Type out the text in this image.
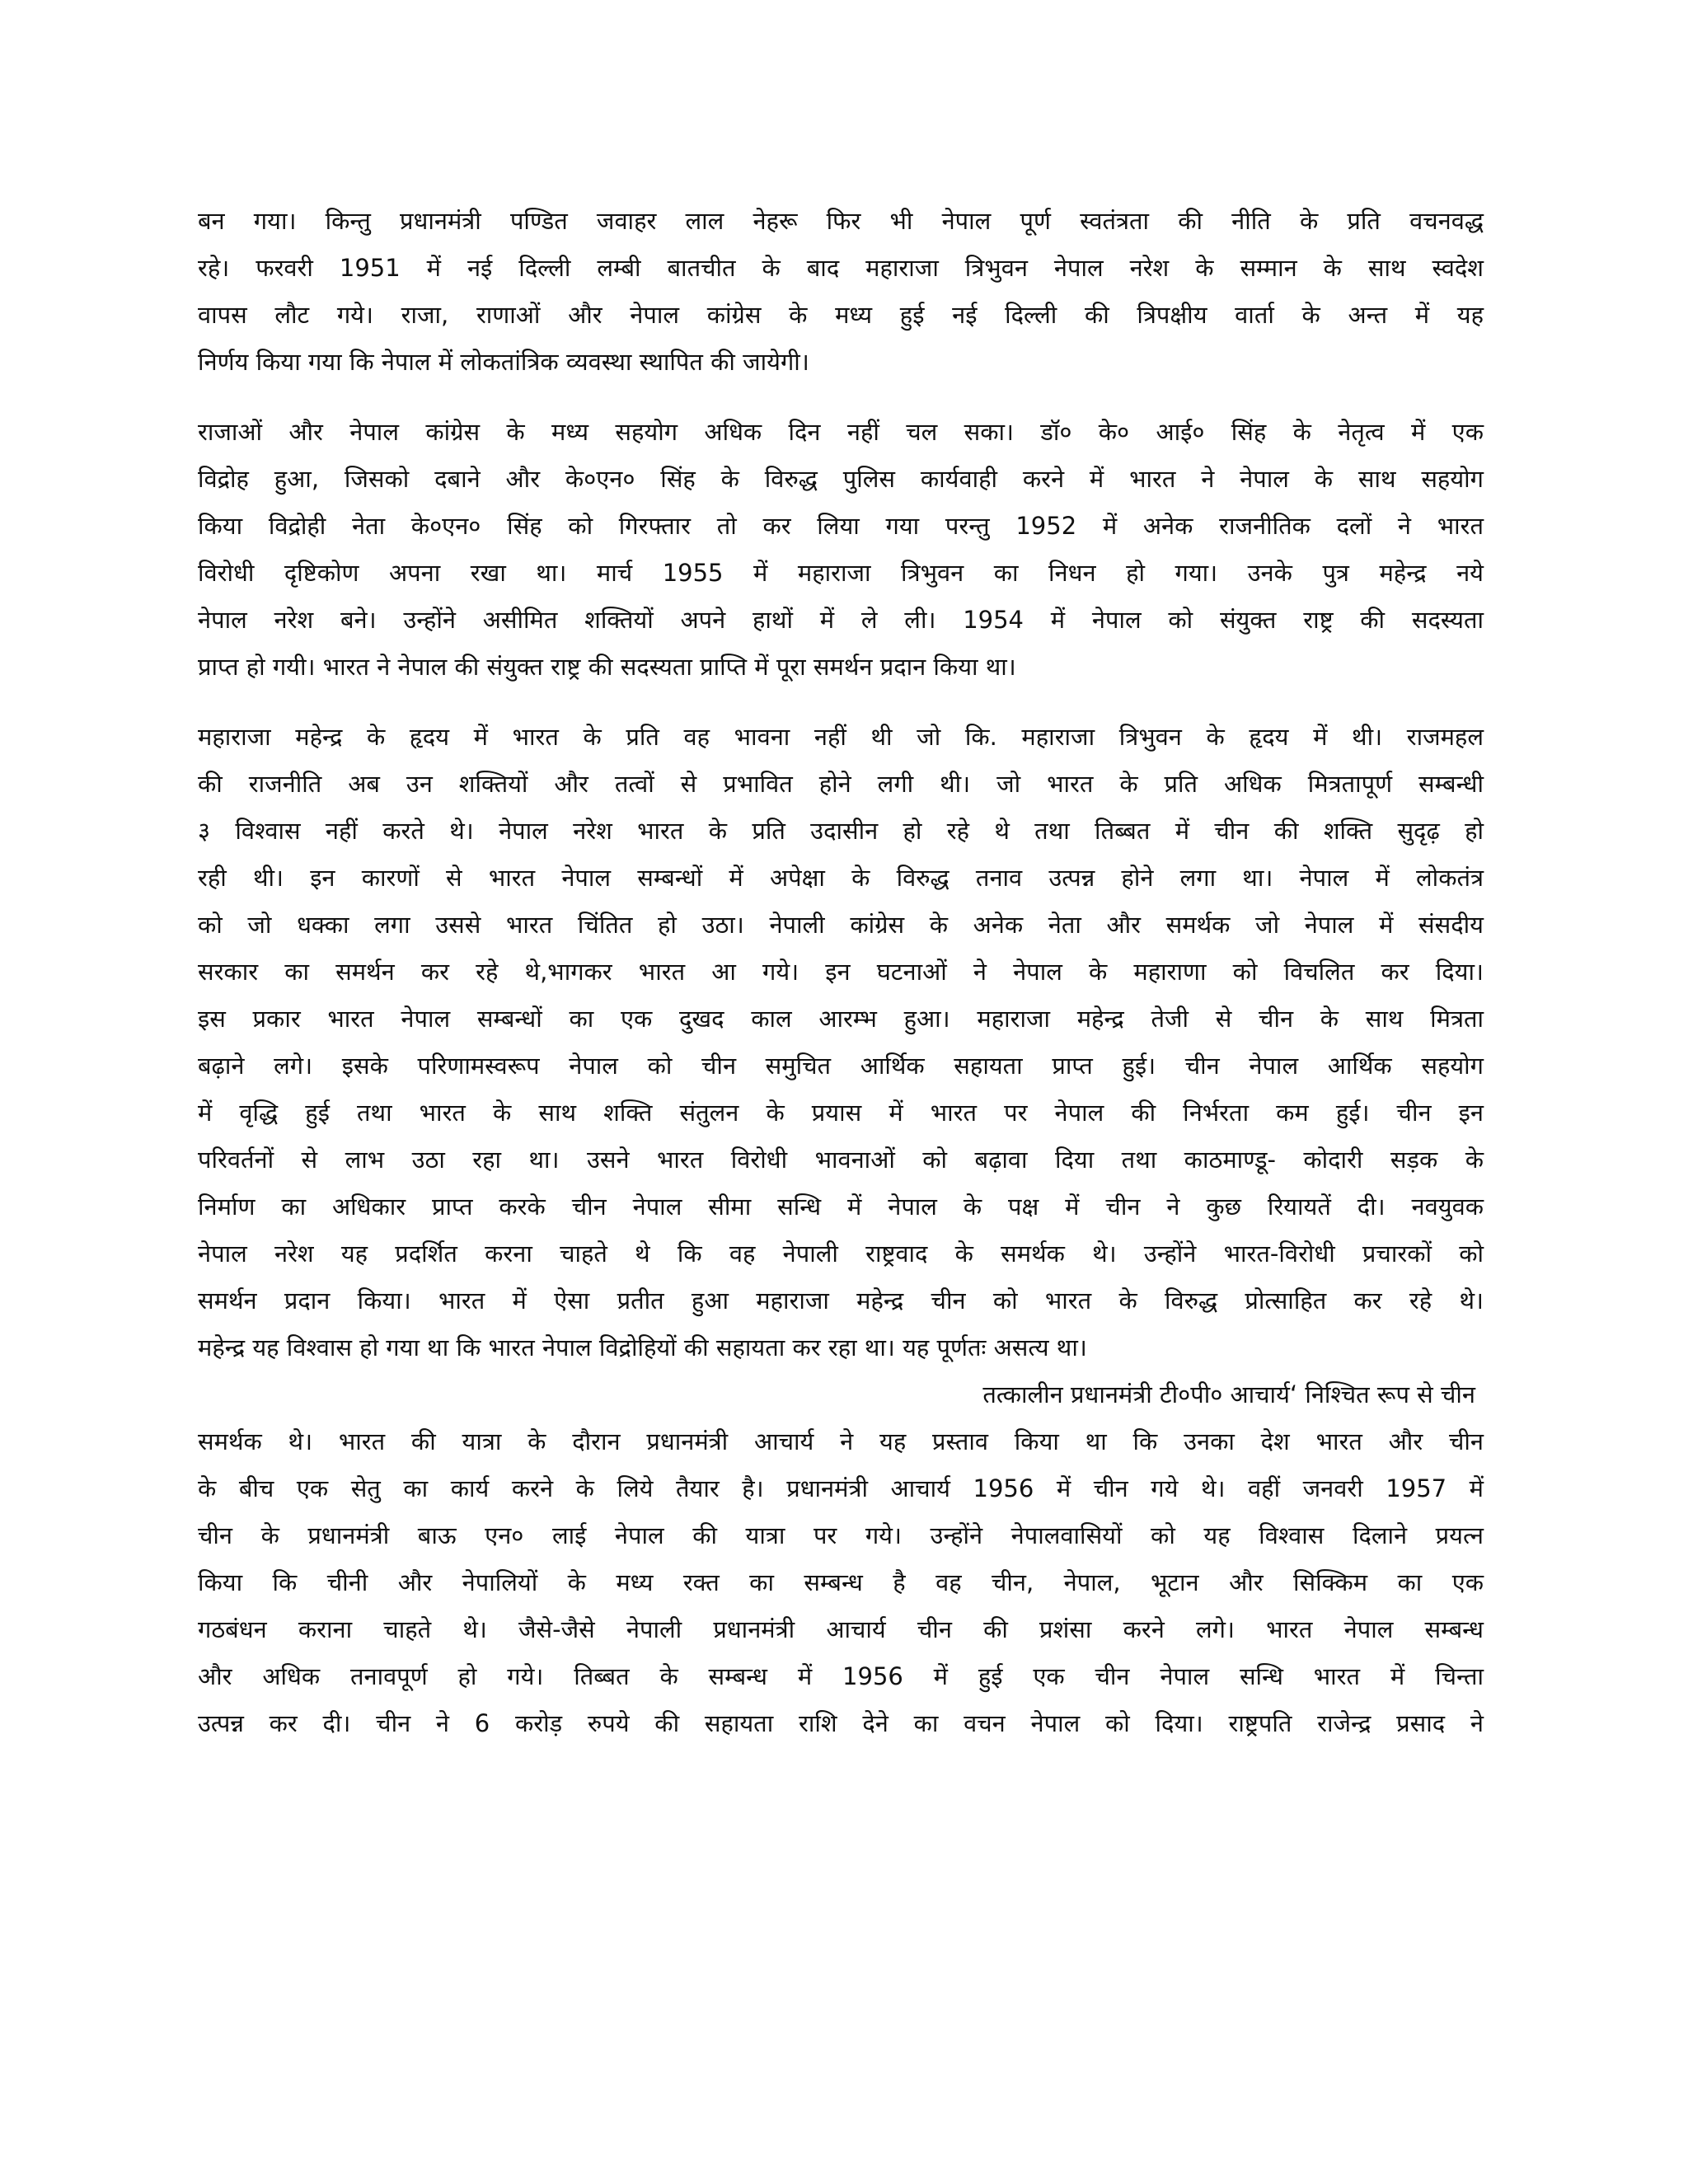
बन गया। किन्तु प्रधानमंत्री पण्डित जवाहर लाल नेहरू फिर भी नेपाल पूर्ण स्वतंत्रता की नीति के प्रति वचनवद्ध
रहे। फरवरी 1951 में नई दिल्ली लम्बी बातचीत के बाद महाराजा त्रिभुवन नेपाल नरेश के सम्मान के साथ स्वदेश
वापस लौट गये। राजा, राणाओं और नेपाल कांग्रेस के मध्य हुई नई दिल्ली की त्रिपक्षीय वार्ता के अन्त में यह
निर्णय किया गया कि नेपाल में लोकतांत्रिक व्यवस्था स्थापित की जायेगी।
राजाओं और नेपाल कांग्रेस के मध्य सहयोग अधिक दिन नहीं चल सका। डॉ० के० आई० सिंह के नेतृत्व में एक
विद्रोह हुआ, जिसको दबाने और के०एन० सिंह के विरुद्ध पुलिस कार्यवाही करने में भारत ने नेपाल के साथ सहयोग
किया विद्रोही नेता के०एन० सिंह को गिरफ्तार तो कर लिया गया परन्तु 1952 में अनेक राजनीतिक दलों ने भारत
विरोधी दृष्टिकोण अपना रखा था। मार्च 1955 में महाराजा त्रिभुवन का निधन हो गया। उनके पुत्र महेन्द्र नये
नेपाल नरेश बने। उन्होंने असीमित शक्तियों अपने हाथों में ले ली। 1954 में नेपाल को संयुक्त राष्ट्र की सदस्यता
प्राप्त हो गयी। भारत ने नेपाल की संयुक्त राष्ट्र की सदस्यता प्राप्ति में पूरा समर्थन प्रदान किया था।
महाराजा महेन्द्र के हृदय में भारत के प्रति वह भावना नहीं थी जो कि. महाराजा त्रिभुवन के हृदय में थी। राजमहल
की राजनीति अब उन शक्तियों और तत्वों से प्रभावित होने लगी थी। जो भारत के प्रति अधिक मित्रतापूर्ण सम्बन्धी
३ विश्वास नहीं करते थे। नेपाल नरेश भारत के प्रति उदासीन हो रहे थे तथा तिब्बत में चीन की शक्ति सुदृढ़ हो
रही थी। इन कारणों से भारत नेपाल सम्बन्धों में अपेक्षा के विरुद्ध तनाव उत्पन्न होने लगा था। नेपाल में लोकतंत्र
को जो धक्का लगा उससे भारत चिंतित हो उठा। नेपाली कांग्रेस के अनेक नेता और समर्थक जो नेपाल में संसदीय
सरकार का समर्थन कर रहे थे,भागकर भारत आ गये। इन घटनाओं ने नेपाल के महाराणा को विचलित कर दिया।
इस प्रकार भारत नेपाल सम्बन्धों का एक दुखद काल आरम्भ हुआ। महाराजा महेन्द्र तेजी से चीन के साथ मित्रता
बढ़ाने लगे। इसके परिणामस्वरूप नेपाल को चीन समुचित आर्थिक सहायता प्राप्त हुई। चीन नेपाल आर्थिक सहयोग
में वृद्धि हुई तथा भारत के साथ शक्ति संतुलन के प्रयास में भारत पर नेपाल की निर्भरता कम हुई। चीन इन
परिवर्तनों से लाभ उठा रहा था। उसने भारत विरोधी भावनाओं को बढ़ावा दिया तथा काठमाण्डू- कोदारी सड़क के
निर्माण का अधिकार प्राप्त करके चीन नेपाल सीमा सन्धि में नेपाल के पक्ष में चीन ने कुछ रियायतें दी। नवयुवक
नेपाल नरेश यह प्रदर्शित करना चाहते थे कि वह नेपाली राष्ट्रवाद के समर्थक थे। उन्होंने भारत-विरोधी प्रचारकों को
समर्थन प्रदान किया। भारत में ऐसा प्रतीत हुआ महाराजा महेन्द्र चीन को भारत के विरुद्ध प्रोत्साहित कर रहे थे।
महेन्द्र यह विश्वास हो गया था कि भारत नेपाल विद्रोहियों की सहायता कर रहा था। यह पूर्णतः असत्य था।
तत्कालीन प्रधानमंत्री टी०पी० आचार्य‘ निश्चित रूप से चीन
समर्थक थे। भारत की यात्रा के दौरान प्रधानमंत्री आचार्य ने यह प्रस्ताव किया था कि उनका देश भारत और चीन
के बीच एक सेतु का कार्य करने के लिये तैयार है। प्रधानमंत्री आचार्य 1956 में चीन गये थे। वहीं जनवरी 1957 में
चीन के प्रधानमंत्री बाऊ एन० लाई नेपाल की यात्रा पर गये। उन्होंने नेपालवासियों को यह विश्वास दिलाने प्रयत्न
किया कि चीनी और नेपालियों के मध्य रक्त का सम्बन्ध है वह चीन, नेपाल, भूटान और सिक्किम का एक
गठबंधन कराना चाहते थे। जैसे-जैसे नेपाली प्रधानमंत्री आचार्य चीन की प्रशंसा करने लगे। भारत नेपाल सम्बन्ध
और अधिक तनावपूर्ण हो गये। तिब्बत के सम्बन्ध में 1956 में हुई एक चीन नेपाल सन्धि भारत में चिन्ता
उत्पन्न कर दी। चीन ने 6 करोड़ रुपये की सहायता राशि देने का वचन नेपाल को दिया। राष्ट्रपति राजेन्द्र प्रसाद ने
